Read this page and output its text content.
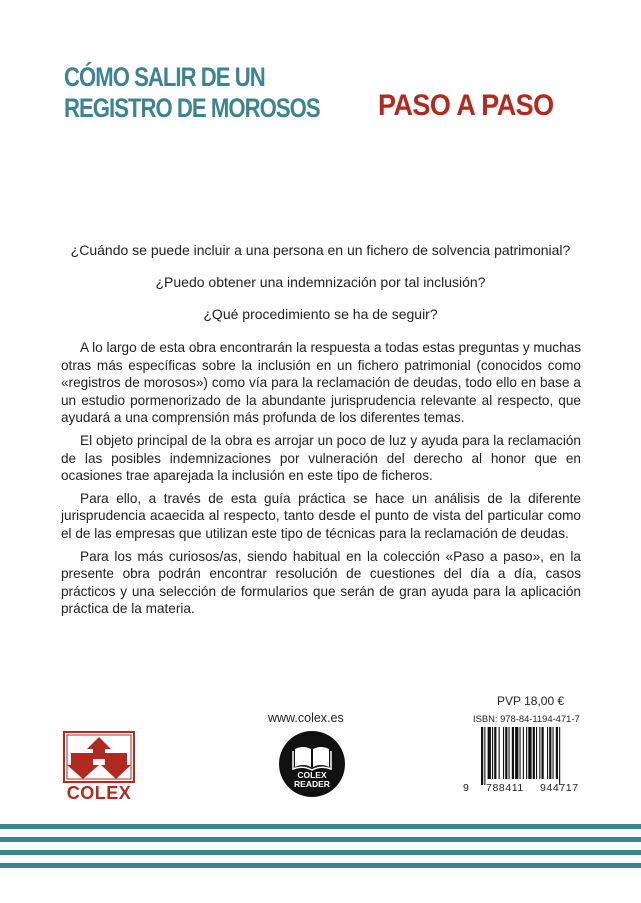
CÓMO SALIR DE UN
REGISTRO DE MOROSOS PASO A PASO

¿Cuándo se puede incluir a una persona en un fichero de solvencia patrimonial?

¿Puedo obtener una indemnización por tal inclusión?

¿Qué procedimiento se ha de seguir?

A lo largo de esta obra encontrarán la respuesta a todas estas preguntas y muchas otras más específicas sobre la inclusión en un fichero patrimonial (conocidos como «registros de morosos») como vía para la reclamación de deudas, todo ello en base a un estudio pormenorizado de la abundante jurisprudencia relevante al respecto, que ayudará a una comprensión más profunda de los diferentes temas.

El objeto principal de la obra es arrojar un poco de luz y ayuda para la reclamación de las posibles indemnizaciones por vulneración del derecho al honor que en ocasiones trae aparejada la inclusión en este tipo de ficheros.

Para ello, a través de esta guía práctica se hace un análisis de la diferente jurisprudencia acaecida al respecto, tanto desde el punto de vista del particular como el de las empresas que utilizan este tipo de técnicas para la reclamación de deudas.

Para los más curiosos/as, siendo habitual en la colección «Paso a paso», en la presente obra podrán encontrar resolución de cuestiones del día a día, casos prácticos y una selección de formularios que serán de gran ayuda para la aplicación práctica de la materia.

COLEX
www.colex.es
COLEX
READER
PVP 18,00 €
ISBN: 978-84-1194-471-7
9 788411 944717
